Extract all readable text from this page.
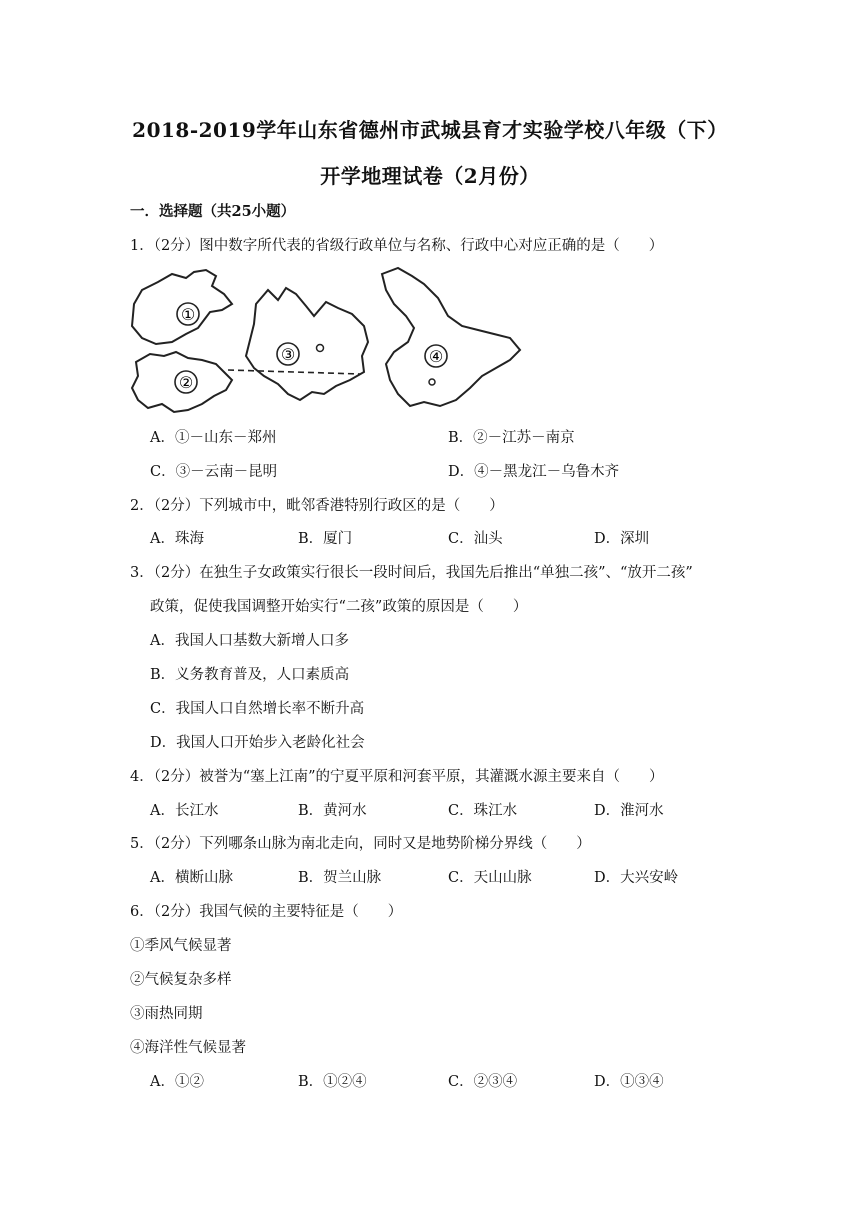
2018-2019学年山东省德州市武城县育才实验学校八年级（下）
开学地理试卷（2月份）
一．选择题（共25小题）
1．（2分）图中数字所代表的省级行政单位与名称、行政中心对应正确的是（　　）
①
②
③	④
A．①－山东－郑州	B．②－江苏－南京
C．③－云南－昆明	D．④－黑龙江－乌鲁木齐
2．（2分）下列城市中，毗邻香港特别行政区的是（　　）
A．珠海	B．厦门	C．汕头	D．深圳
3．（2分）在独生子女政策实行很长一段时间后，我国先后推出“单独二孩”、“放开二孩”
政策，促使我国调整开始实行“二孩”政策的原因是（　　）
A．我国人口基数大新增人口多
B．义务教育普及，人口素质高
C．我国人口自然增长率不断升高
D．我国人口开始步入老龄化社会
4．（2分）被誉为“塞上江南”的宁夏平原和河套平原，其灌溉水源主要来自（　　）
A．长江水	B．黄河水	C．珠江水	D．淮河水
5．（2分）下列哪条山脉为南北走向，同时又是地势阶梯分界线（　　）
A．横断山脉	B．贺兰山脉	C．天山山脉	D．大兴安岭
6．（2分）我国气候的主要特征是（　　）
①季风气候显著
②气候复杂多样
③雨热同期
④海洋性气候显著
A．①②	B．①②④	C．②③④	D．①③④
